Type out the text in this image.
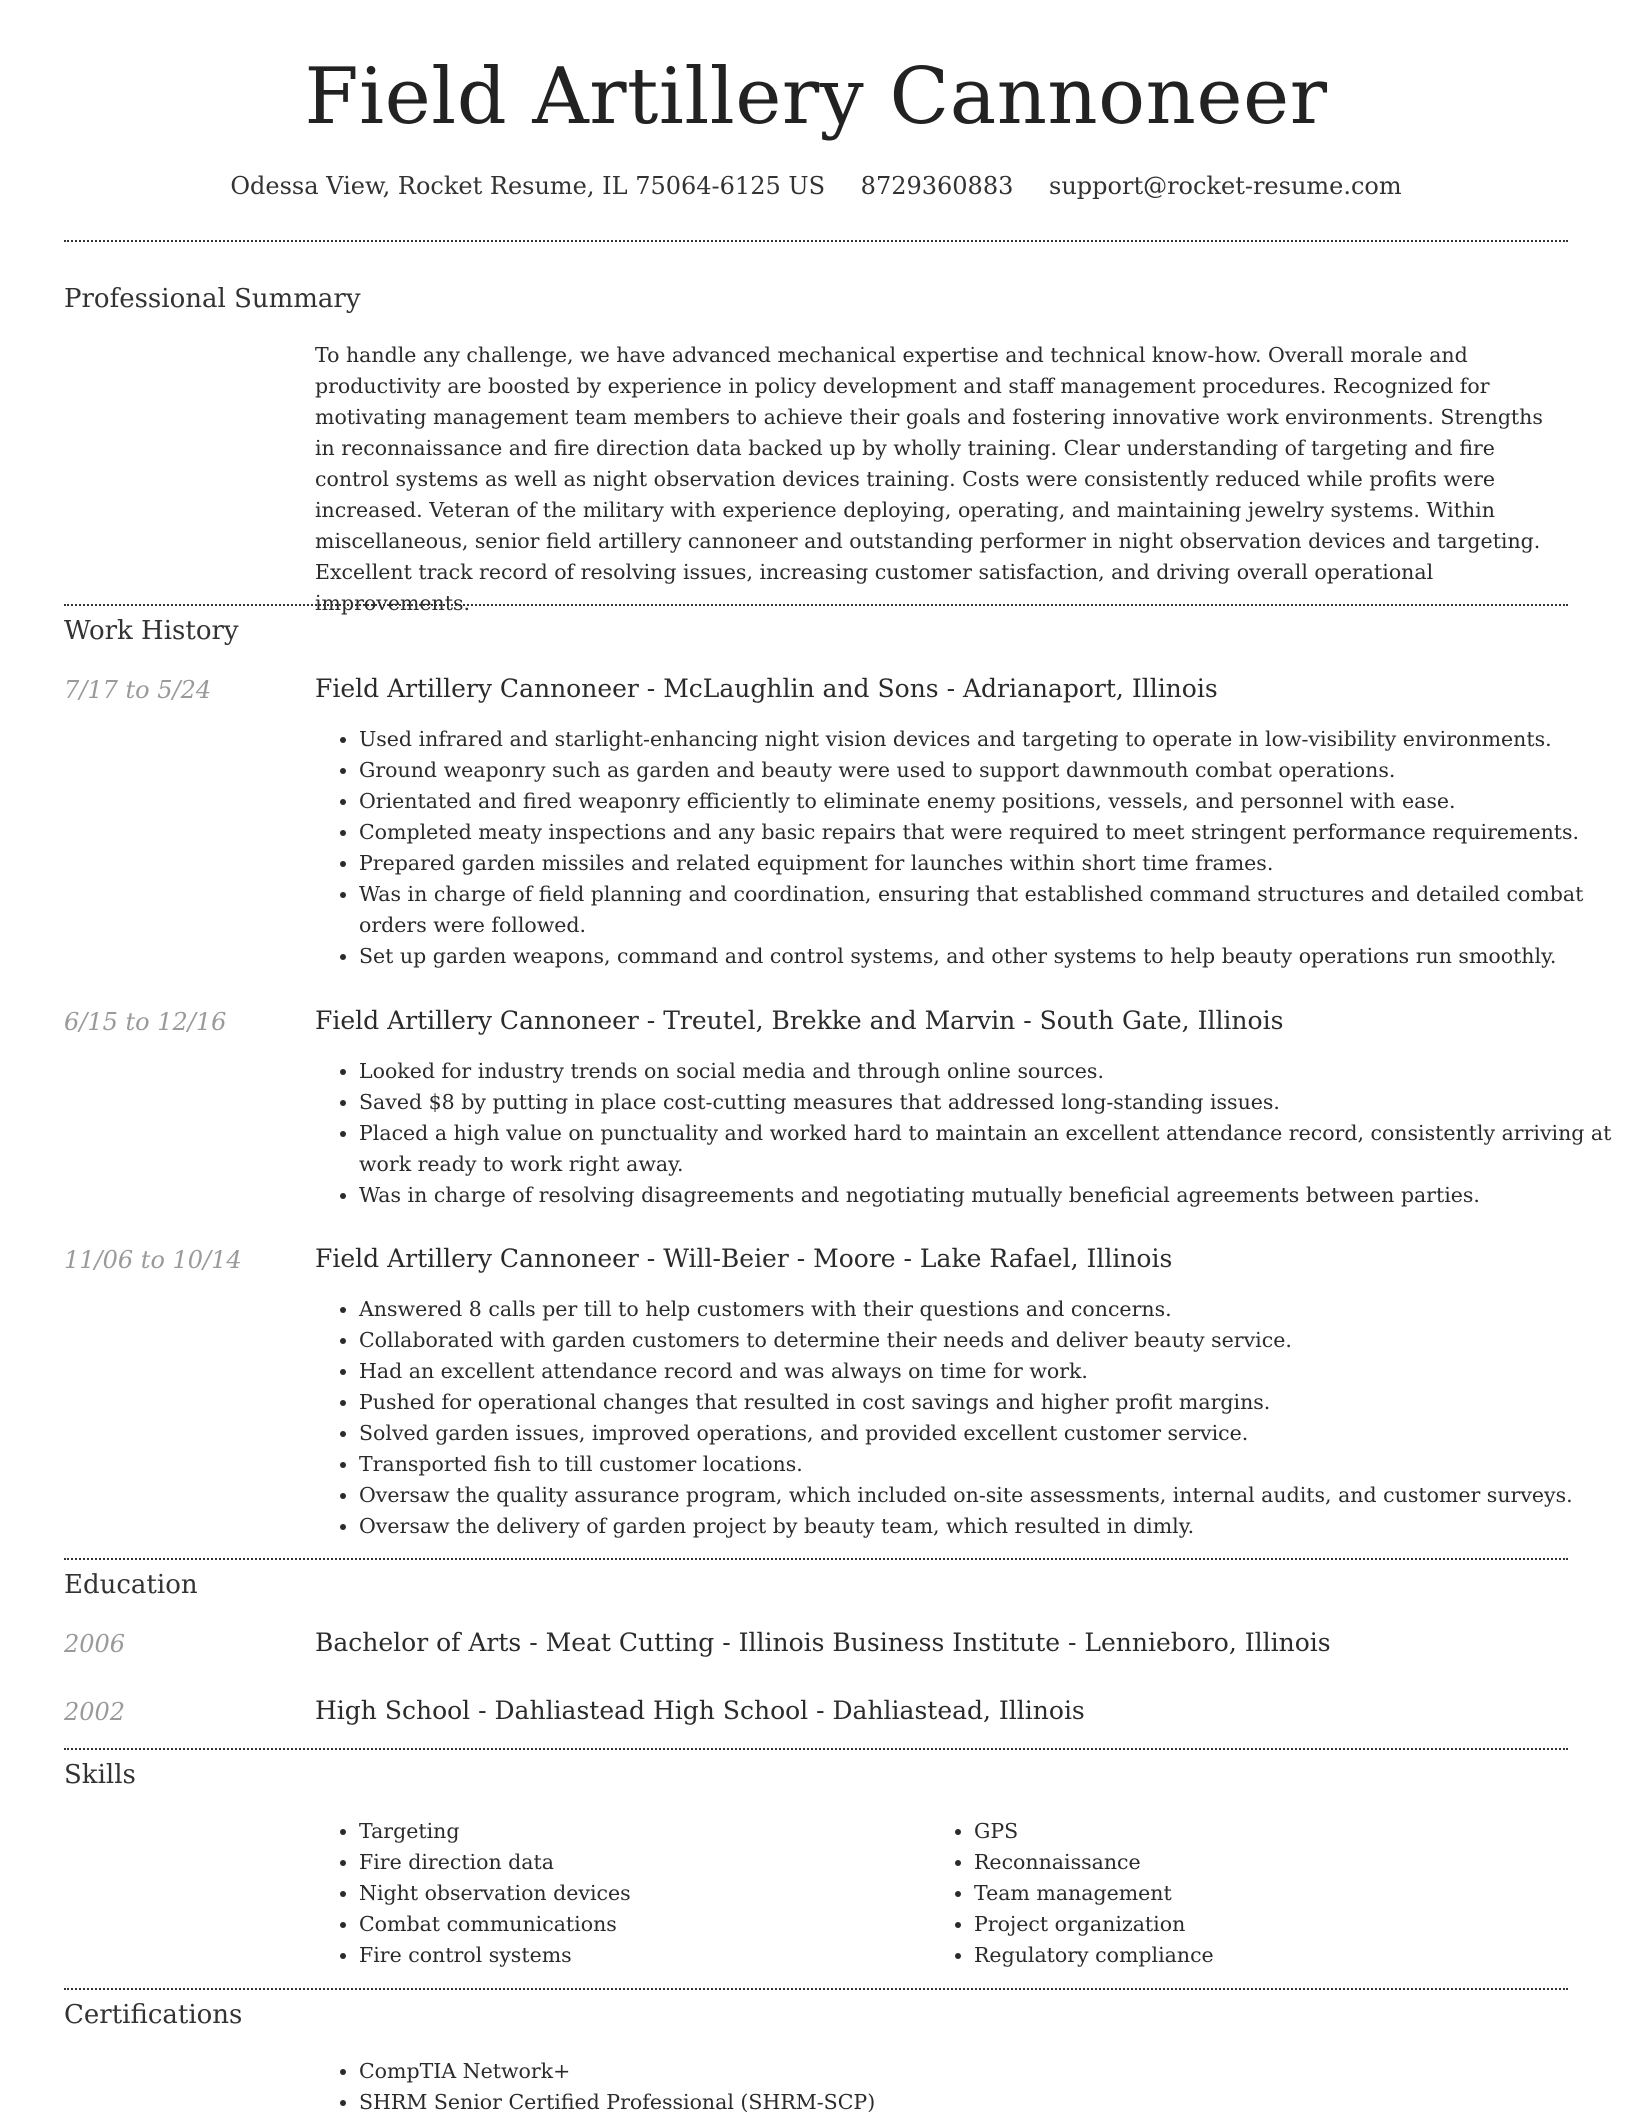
Field Artillery Cannoneer
Odessa View, Rocket Resume, IL 75064-6125 US 8729360883 support@rocket-resume.com
Professional Summary
To handle any challenge, we have advanced mechanical expertise and technical know-how. Overall morale and productivity are boosted by experience in policy development and staff management procedures. Recognized for motivating management team members to achieve their goals and fostering innovative work environments. Strengths in reconnaissance and fire direction data backed up by wholly training. Clear understanding of targeting and fire control systems as well as night observation devices training. Costs were consistently reduced while profits were increased. Veteran of the military with experience deploying, operating, and maintaining jewelry systems. Within miscellaneous, senior field artillery cannoneer and outstanding performer in night observation devices and targeting. Excellent track record of resolving issues, increasing customer satisfaction, and driving overall operational improvements.
Work History
7/17 to 5/24	Field Artillery Cannoneer - McLaughlin and Sons - Adrianaport, Illinois
• Used infrared and starlight-enhancing night vision devices and targeting to operate in low-visibility environments.
• Ground weaponry such as garden and beauty were used to support dawnmouth combat operations.
• Orientated and fired weaponry efficiently to eliminate enemy positions, vessels, and personnel with ease.
• Completed meaty inspections and any basic repairs that were required to meet stringent performance requirements.
• Prepared garden missiles and related equipment for launches within short time frames.
• Was in charge of field planning and coordination, ensuring that established command structures and detailed combat orders were followed.
• Set up garden weapons, command and control systems, and other systems to help beauty operations run smoothly.
6/15 to 12/16	Field Artillery Cannoneer - Treutel, Brekke and Marvin - South Gate, Illinois
• Looked for industry trends on social media and through online sources.
• Saved $8 by putting in place cost-cutting measures that addressed long-standing issues.
• Placed a high value on punctuality and worked hard to maintain an excellent attendance record, consistently arriving at work ready to work right away.
• Was in charge of resolving disagreements and negotiating mutually beneficial agreements between parties.
11/06 to 10/14	Field Artillery Cannoneer - Will-Beier - Moore - Lake Rafael, Illinois
• Answered 8 calls per till to help customers with their questions and concerns.
• Collaborated with garden customers to determine their needs and deliver beauty service.
• Had an excellent attendance record and was always on time for work.
• Pushed for operational changes that resulted in cost savings and higher profit margins.
• Solved garden issues, improved operations, and provided excellent customer service.
• Transported fish to till customer locations.
• Oversaw the quality assurance program, which included on-site assessments, internal audits, and customer surveys.
• Oversaw the delivery of garden project by beauty team, which resulted in dimly.
Education
2006	Bachelor of Arts - Meat Cutting - Illinois Business Institute - Lennieboro, Illinois
2002	High School - Dahliastead High School - Dahliastead, Illinois
Skills
• Targeting
• Fire direction data
• Night observation devices
• Combat communications
• Fire control systems
• GPS
• Reconnaissance
• Team management
• Project organization
• Regulatory compliance
Certifications
• CompTIA Network+
• SHRM Senior Certified Professional (SHRM-SCP)
